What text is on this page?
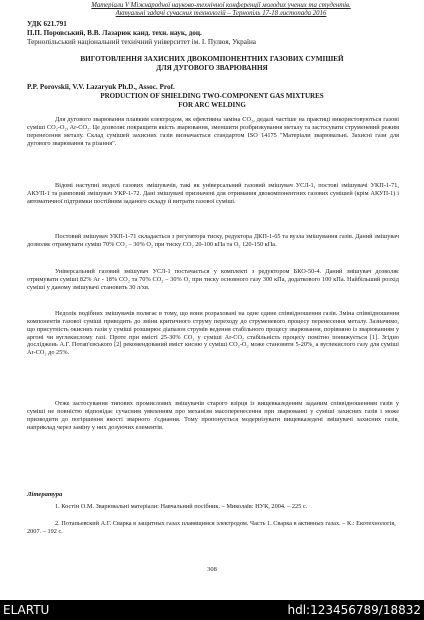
Матеріали V Міжнародної науково-технічної конференції молодих учених та студентів.
Актуальні задачі сучасних технологій – Тернопіль 17-18 листопада 2016
УДК 621.791
П.П. Поровський, В.В. Лазарюк канд. техн. наук, доц.
Тернопільський національний технічний університет ім. І. Пулюя, Україна
ВИГОТОВЛЕННЯ ЗАХИСНИХ ДВОКОМПОНЕНТНИХ ГАЗОВИХ СУМІШЕЙ
ДЛЯ ДУГОВОГО ЗВАРЮВАННЯ
P.P. Porovskii, V.V. Lazaryuk Ph.D., Assoc. Prof.
PRODUCTION OF SHIELDING TWO-COMPONENT GAS MIXTURES
FOR ARC WELDING

Для дугового зварювання плавким електродом, як ефективна заміна CO₂, дедалі частіше на практиці використовуються газові суміші CO₂-O₂, Ar-CO₂. Це дозволяє покращити якість зварювання, зменшити розбризкування металу та застосувати струменевий режим перенесення металу. Склад сумішей захисних газів визначається стандартом ISO 14175 "Матеріали зварювальні. Захисні гази для дугового зварювання та різання".

Відомі наступні моделі газових змішувачів, такі як універсальний газовий змішувач УСЛ-1, постові змішувачі УКП-1-71, АКУП-1 та рамповий змішувач УКР-1-72. Дані змішувачі призначені для отримання двокомпонентних газових сумішей (крім АКУП-1) і автоматичної підтримки постійним заданого складу й витрати газової суміші.

Постовий змішувач УКП-1-71 складається з регулятора тиску, редуктора ДКП-1-65 та вузла змішування газів. Даний змішувач дозволяє отримувати суміш 70% CO₂ – 30% O₂ при тиску CO₂ 20-100 кПа та O₂ 120-150 кПа.

Універсальний газовий змішувач УСЛ-1 постачається у комплекті з редуктором БКО-50-4. Даний змішувач дозволяє отримувати суміші 82% Ar - 18% CO₂ та 70% CO₂ – 30% O₂ при тиску основного газу 300 кПа, додаткового 100 кПа. Найбільший розхід суміші у даному змішувачі становить 30 л/хв.

Недолік подібних змішувачів полягає в тому, що вони розраховані на одне єдине співвідношення газів. Зміна співвідношення компонентів газової суміші приводить до зміни критичного струму переходу до струменевого процесу перенесення металу. Зазначимо, що присутність окисних газів у суміші розширює діапазон струмів ведення стабільного процесу зварювання, порівняно із зварюванням у аргоні чи вуглекислому газі. Проте при вмісті 25-30% CO₂ у суміші Ar-CO₂ стабільність процесу помітно понижується [1]. Згідно досліджень А.Г. Потап'євського [2] рекомендований вміст кисню у суміші CO₂-O₂ може становити 5-20%, а вуглекислого газу для суміші Ar-CO₂ до 25%.

Отже застосування типових промислових змішувачів старого взірця із вищевказеденим заданим співвідношенням газів у суміші не повністю відповідає сучасним уявленням про механізм масоперенесення при зварюванні у суміші захисних газів і може призводити до погіршення якості зварного з'єднання. Тому пропонується модернізувати вищевказедені змішувачі захисних газів, наприклад через заміну у них дозуючих елементів.

Література

1. Костін О.М. Зварювальні матеріали: Навчальний посібник. – Миколаїв: НУК, 2004. – 225 с.

2. Потапьевский А.Г. Сварка в защитных газах плавящимся электродом. Часть 1. Сварка в активных газах. – К.: Екотехнологія, 2007. – 192 с.

308
ELARTU	hdl:123456789/18832
